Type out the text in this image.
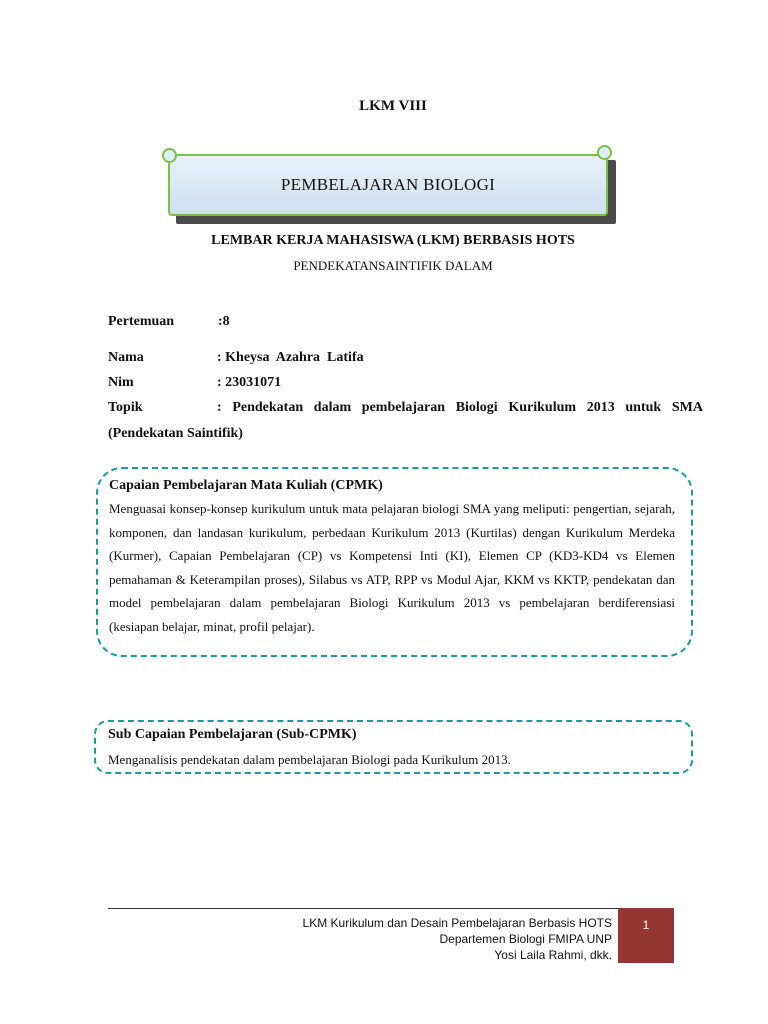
LKM VIII
PEMBELAJARAN BIOLOGI
LEMBAR KERJA MAHASISWA (LKM) BERBASIS HOTS
PENDEKATANSAINTIFIK DALAM
Pertemuan	:8
Nama	: Kheysa  Azahra  Latifa
Nim	: 23031071
Topik	: Pendekatan dalam pembelajaran Biologi Kurikulum 2013 untuk SMA
(Pendekatan Saintifik)
Capaian Pembelajaran Mata Kuliah (CPMK)
Menguasai konsep-konsep kurikulum untuk mata pelajaran biologi SMA yang meliputi: pengertian, sejarah, komponen, dan landasan kurikulum, perbedaan Kurikulum 2013 (Kurtilas) dengan Kurikulum Merdeka (Kurmer), Capaian Pembelajaran (CP) vs Kompetensi Inti (KI), Elemen CP (KD3-KD4 vs Elemen pemahaman & Keterampilan proses), Silabus vs ATP, RPP vs Modul Ajar, KKM vs KKTP, pendekatan dan model pembelajaran dalam pembelajaran Biologi Kurikulum 2013 vs pembelajaran berdiferensiasi (kesiapan belajar, minat, profil pelajar).
Sub Capaian Pembelajaran (Sub-CPMK)
Menganalisis pendekatan dalam pembelajaran Biologi pada Kurikulum 2013.
LKM Kurikulum dan Desain Pembelajaran Berbasis HOTS
Departemen Biologi FMIPA UNP
Yosi Laila Rahmi, dkk.
1
